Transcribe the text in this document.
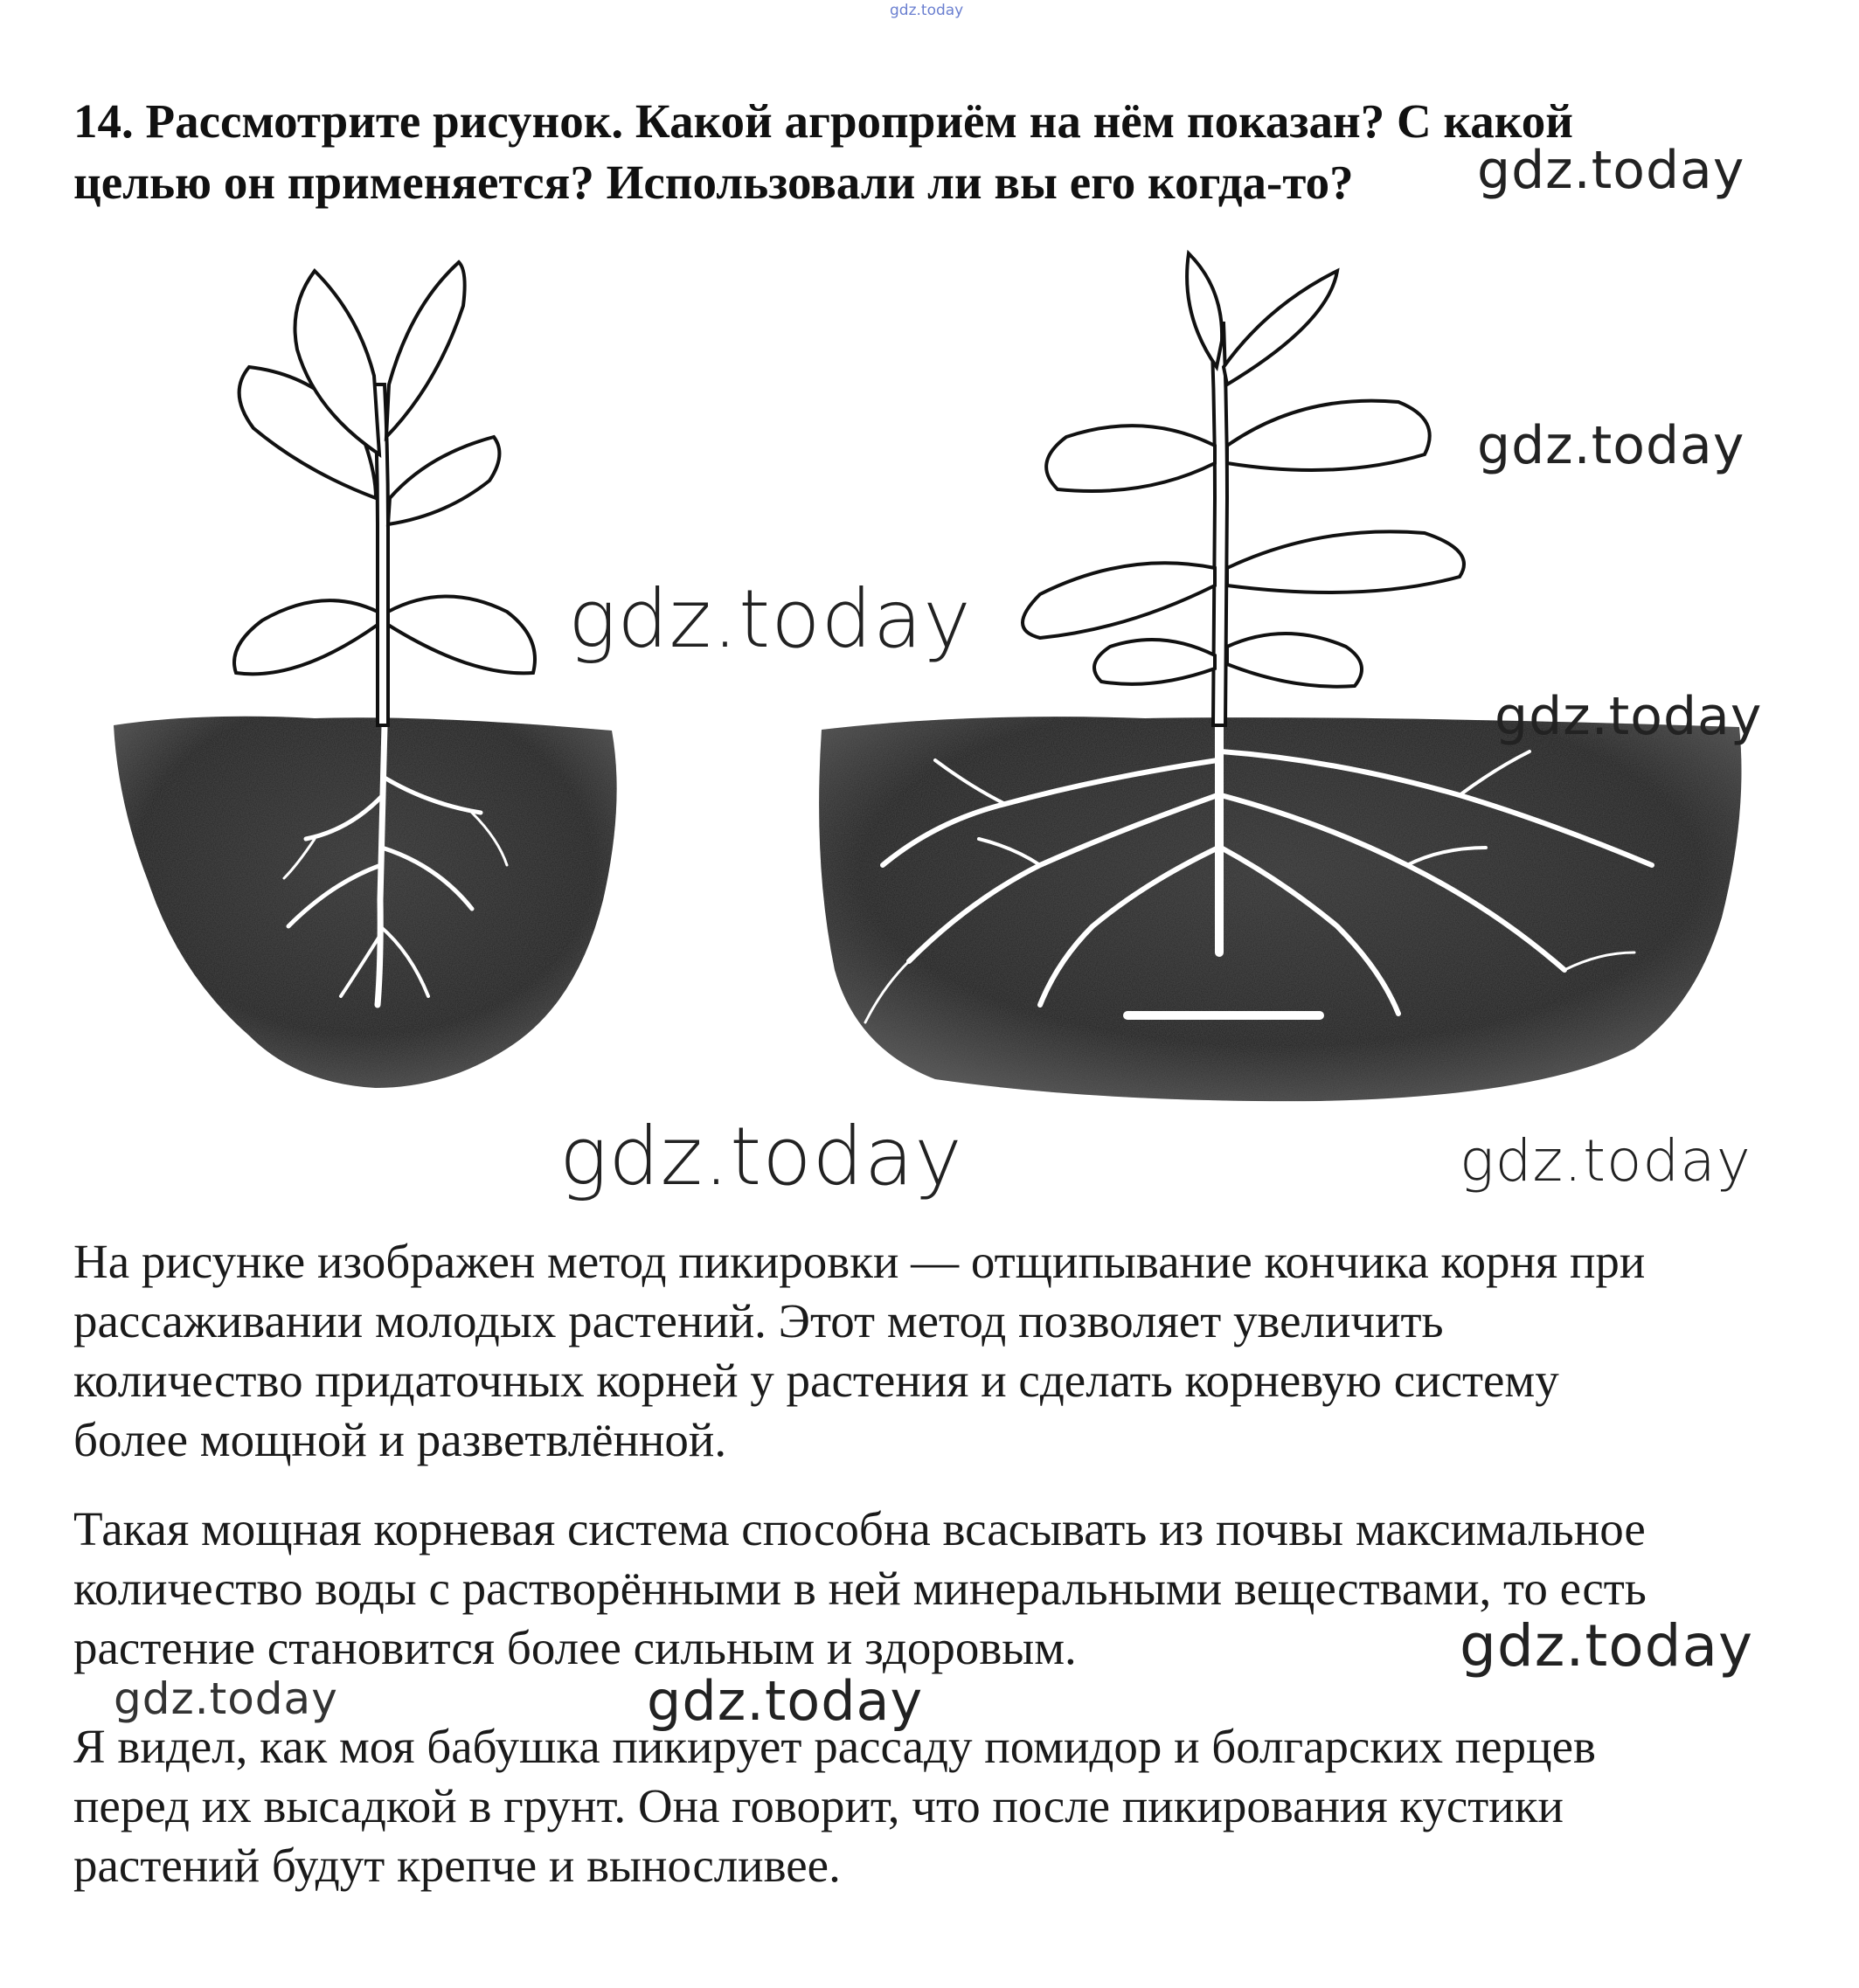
gdz.today
14. Рассмотрите рисунок. Какой агроприём на нём показан? С какой
целью он применяется? Использовали ли вы его когда-то?	gdz.today
gdz.today
gdz.today
gdz.today
gdz.today	gdz.today
gdz.today
gdz.today	gdz.today
На рисунке изображен метод пикировки — отщипывание кончика корня при
рассаживании молодых растений. Этот метод позволяет увеличить
количество придаточных корней у растения и сделать корневую систему
более мощной и разветвлённой.
Такая мощная корневая система способна всасывать из почвы максимальное
количество воды с растворёнными в ней минеральными веществами, то есть
растение становится более сильным и здоровым.
Я видел, как моя бабушка пикирует рассаду помидор и болгарских перцев
перед их высадкой в грунт. Она говорит, что после пикирования кустики
растений будут крепче и выносливее.
